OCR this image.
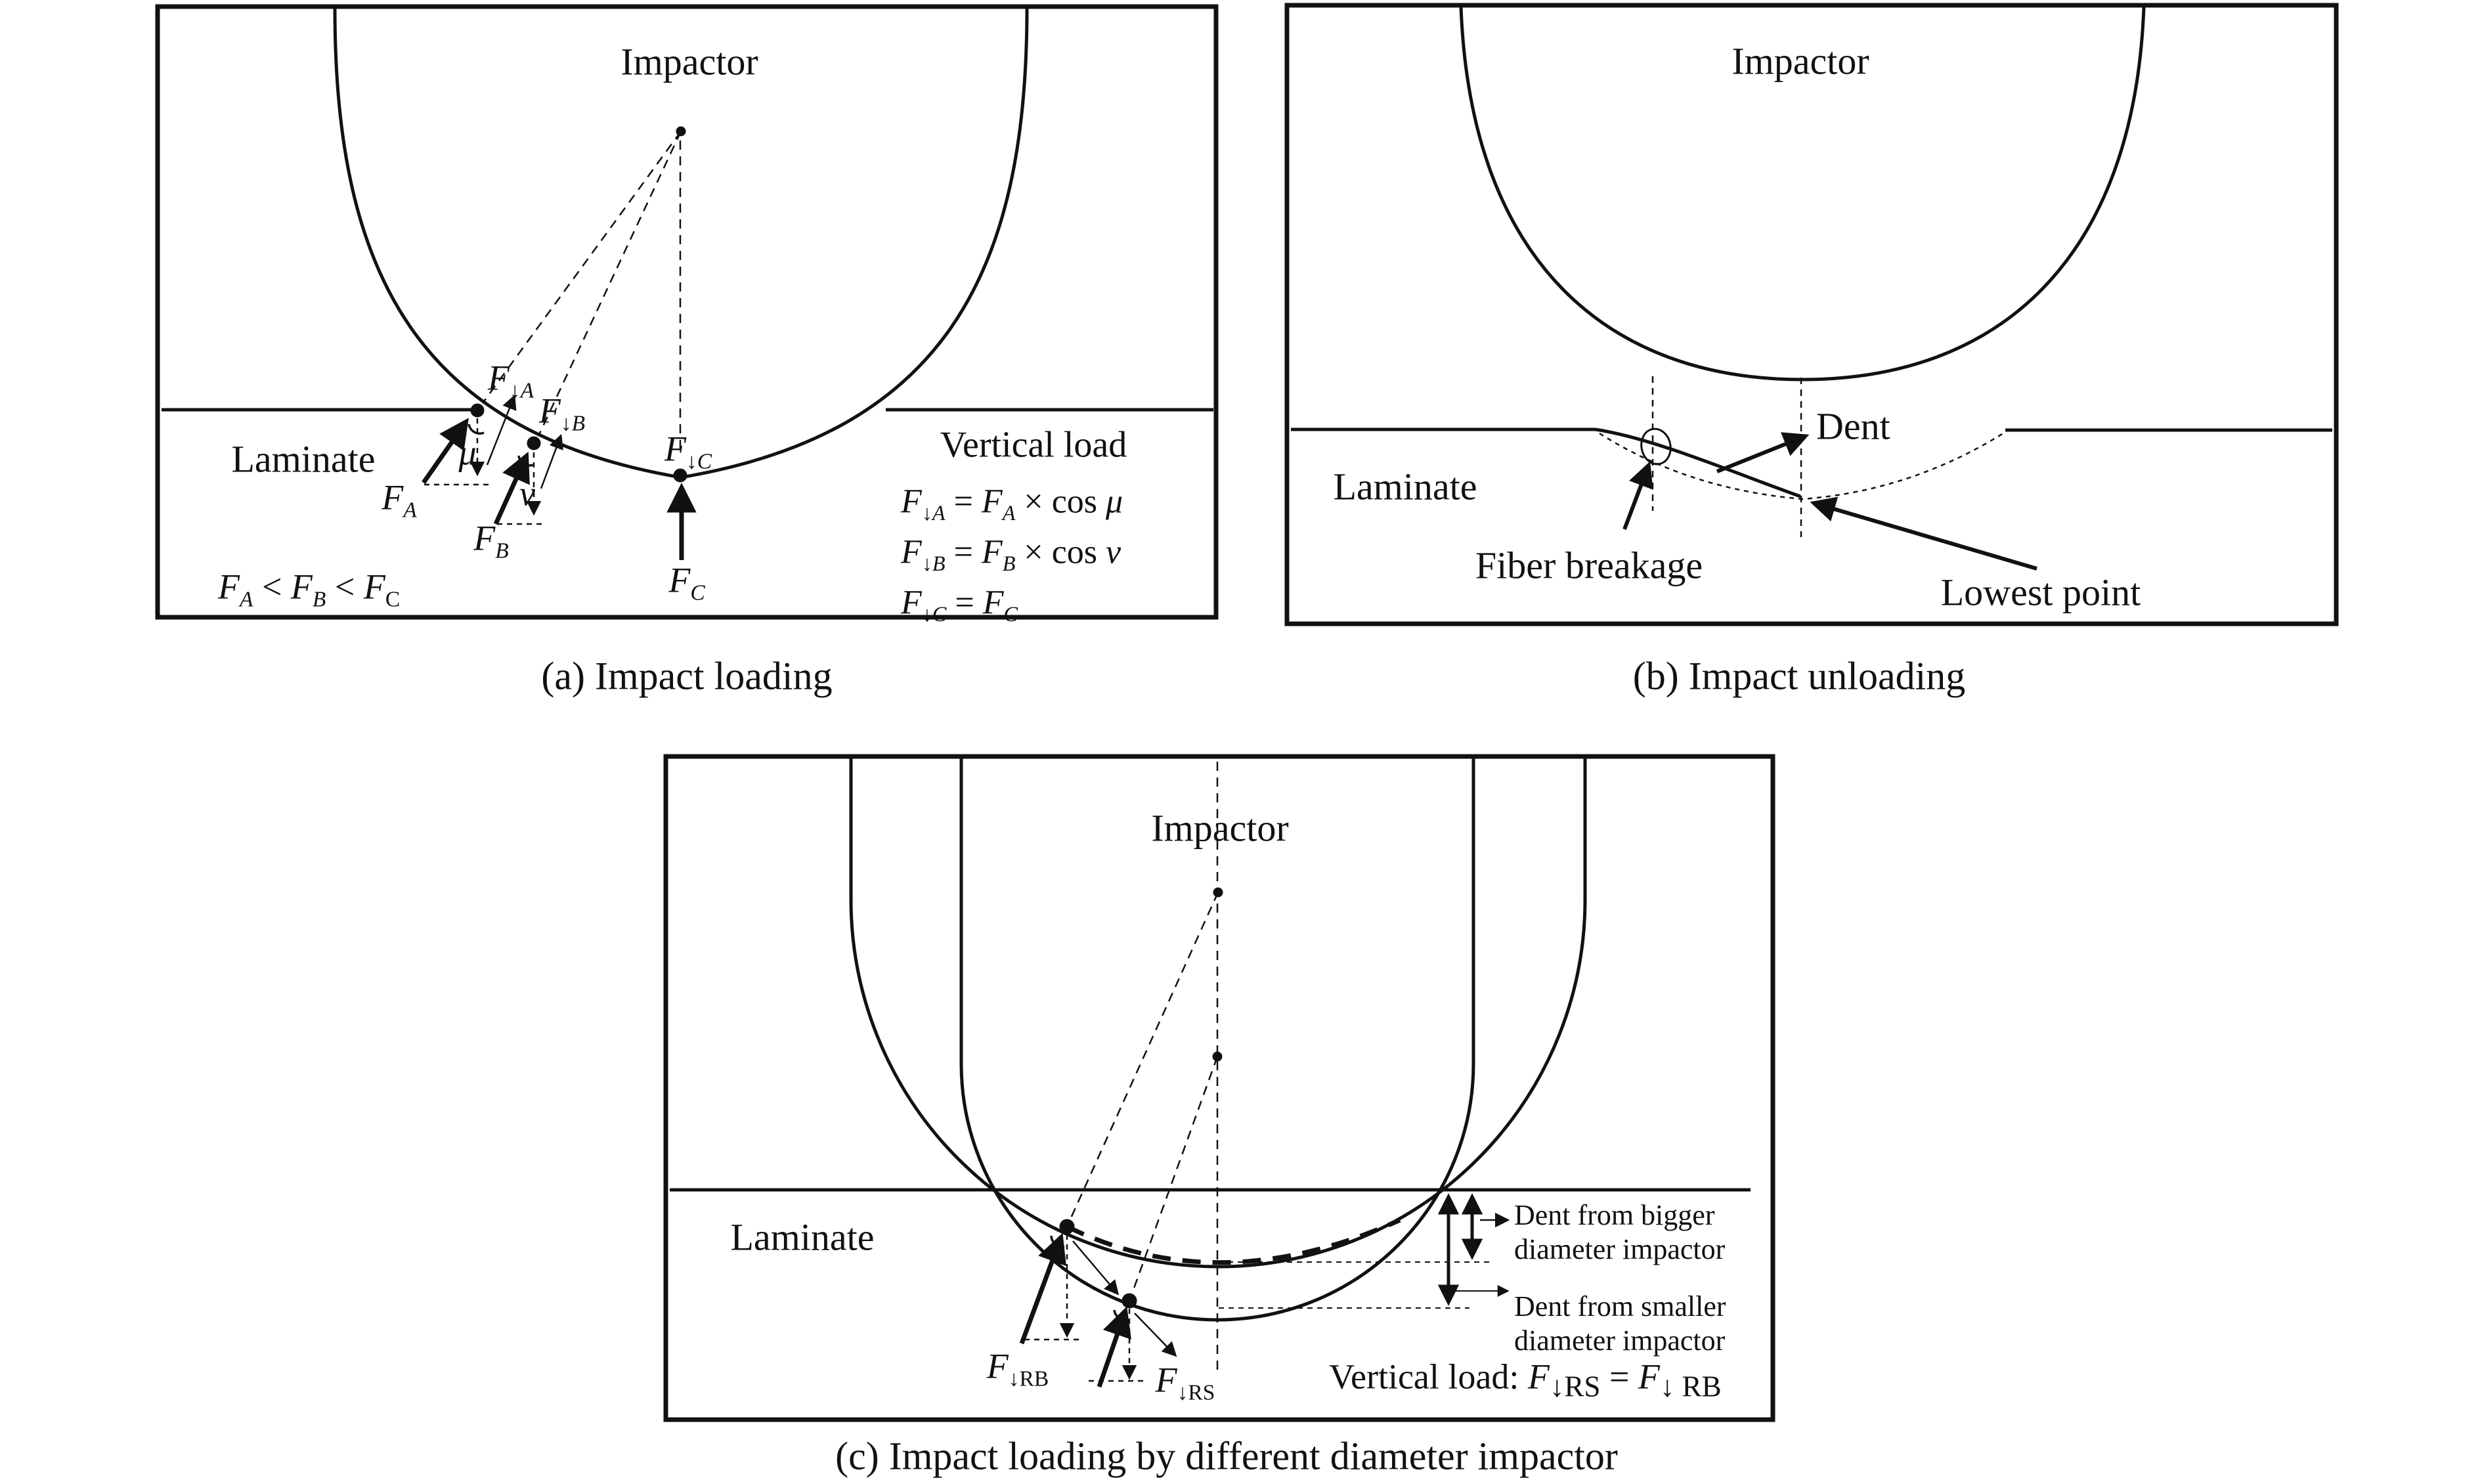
Impactor
Laminate
$F_{↓A}$
$F_{↓B}$
$F_{↓C}$
$F_A$
$F_B$
$F_C$
μ
v
Vertical load
$F_{↓A} = F_A \times \cos \mu$
$F_{↓B} = F_B \times \cos v$
$F_{↓C} = F_C$
$F_A < F_B < F_C$
(a) Impact loading
Impactor
Laminate
Dent
Fiber breakage
Lowest point
(b) Impact unloading
Impactor
Laminate
$F_{↓RB}$	$F_{↓RS}$
Dent from bigger
diameter impactor
Dent from smaller
diameter impactor
Vertical load: $F_{↓RS} = F_{↓ RB}$
(c) Impact loading by different diameter impactor
